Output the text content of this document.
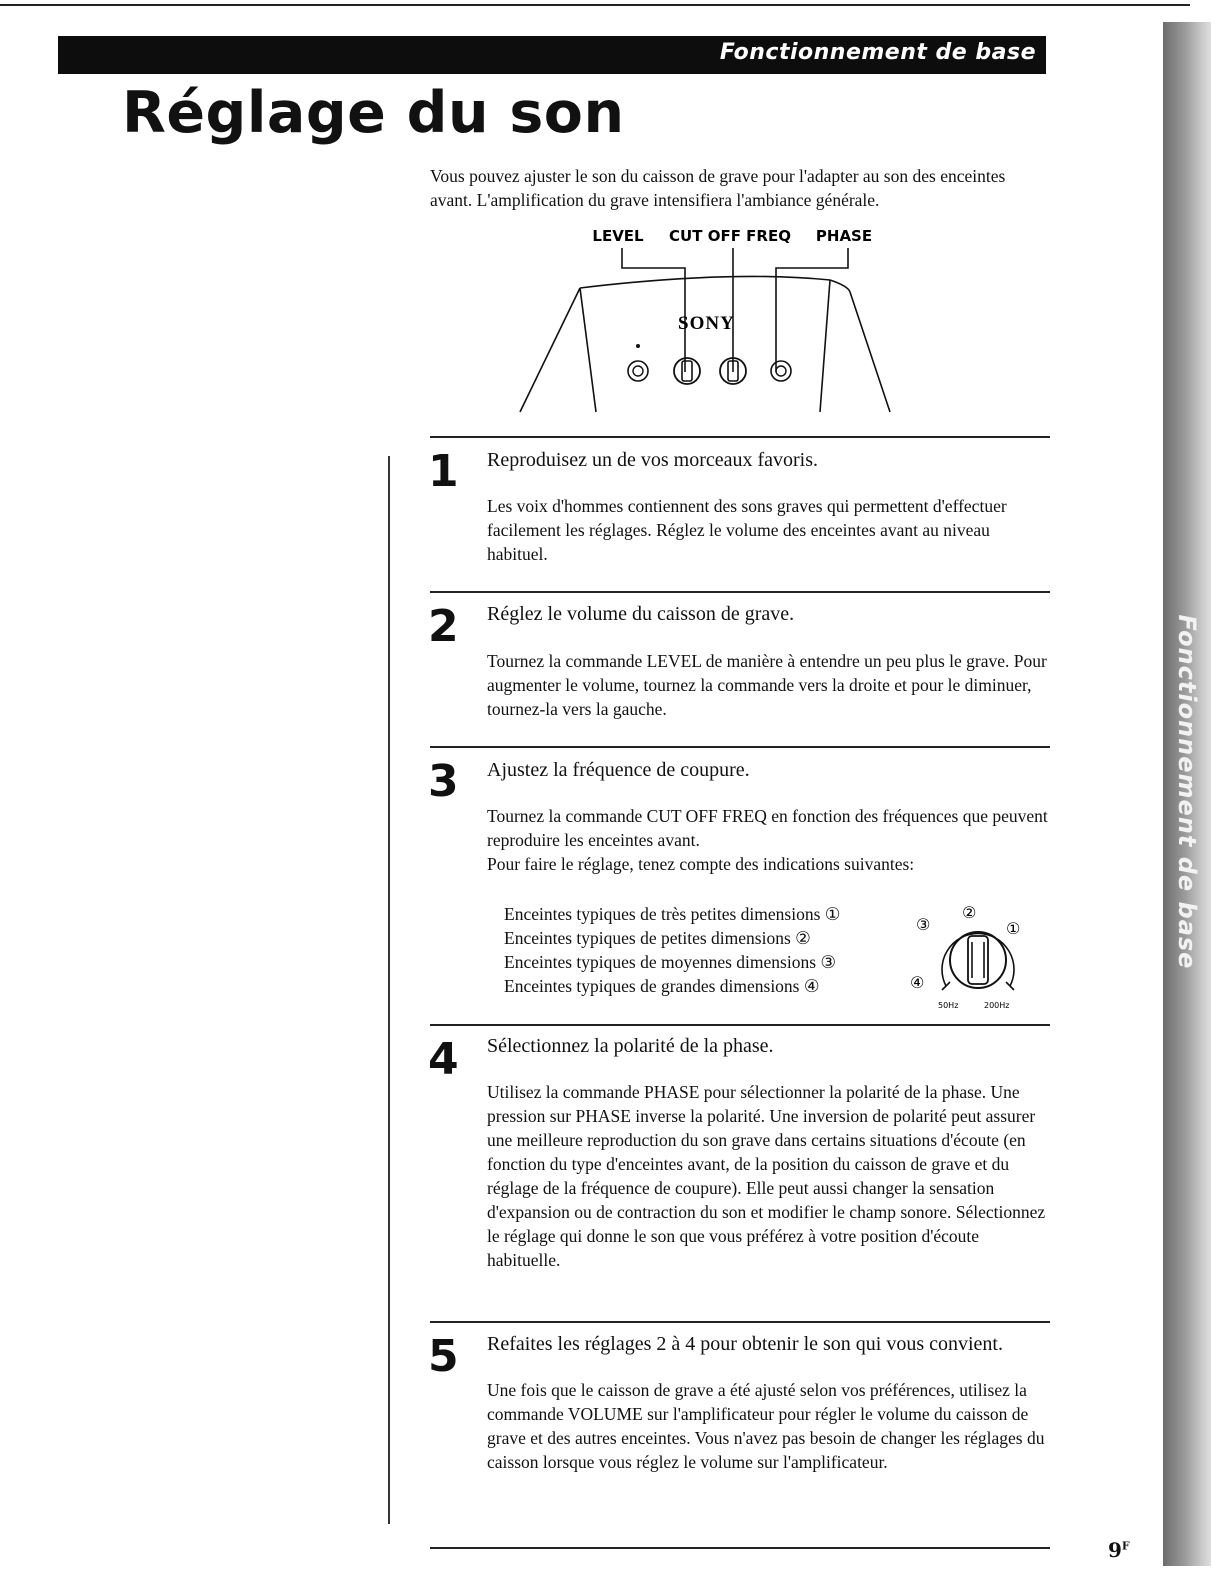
Fonctionnement de base
Réglage du son
Vous pouvez ajuster le son du caisson de grave pour l'adapter au son des enceintes avant. L'amplification du grave intensifiera l'ambiance générale.
LEVEL CUT OFF FREQ PHASE
SONY
Fonctionnement de base
1 Reproduisez un de vos morceaux favoris.

Les voix d'hommes contiennent des sons graves qui permettent d'effectuer facilement les réglages. Réglez le volume des enceintes avant au niveau habituel.

2 Réglez le volume du caisson de grave.

Tournez la commande LEVEL de manière à entendre un peu plus le grave. Pour augmenter le volume, tournez la commande vers la droite et pour le diminuer, tournez-la vers la gauche.

3 Ajustez la fréquence de coupure.

Tournez la commande CUT OFF FREQ en fonction des fréquences que peuvent reproduire les enceintes avant.

Pour faire le réglage, tenez compte des indications suivantes:

Enceintes typiques de très petites dimensions ①
Enceintes typiques de petites dimensions ②
Enceintes typiques de moyennes dimensions ③
Enceintes typiques de grandes dimensions ④
②
③	①
④
50Hz	200Hz
4 Sélectionnez la polarité de la phase.

Utilisez la commande PHASE pour sélectionner la polarité de la phase. Une pression sur PHASE inverse la polarité. Une inversion de polarité peut assurer une meilleure reproduction du son grave dans certains situations d'écoute (en fonction du type d'enceintes avant, de la position du caisson de grave et du réglage de la fréquence de coupure). Elle peut aussi changer la sensation d'expansion ou de contraction du son et modifier le champ sonore. Sélectionnez le réglage qui donne le son que vous préférez à votre position d'écoute habituelle.

5 Refaites les réglages 2 à 4 pour obtenir le son qui vous convient.

Une fois que le caisson de grave a été ajusté selon vos préférences, utilisez la commande VOLUME sur l'amplificateur pour régler le volume du caisson de grave et des autres enceintes. Vous n'avez pas besoin de changer les réglages du caisson lorsque vous réglez le volume sur l'amplificateur.

$9^F$
